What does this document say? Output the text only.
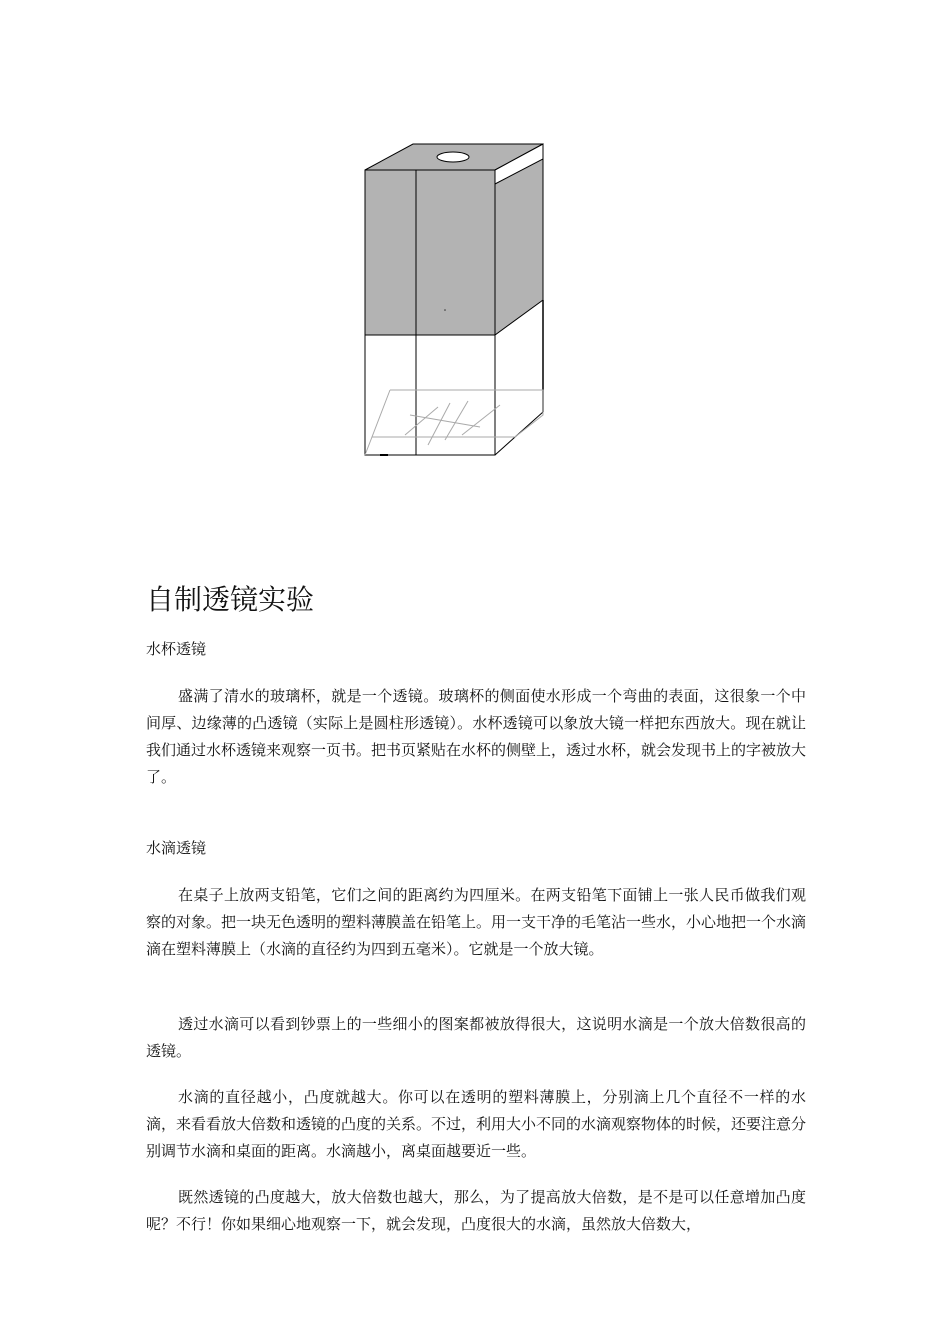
自制透镜实验
水杯透镜

盛满了清水的玻璃杯，就是一个透镜。玻璃杯的侧面使水形成一个弯曲的表面，这很象一个中间厚、边缘薄的凸透镜（实际上是圆柱形透镜）。水杯透镜可以象放大镜一样把东西放大。现在就让我们通过水杯透镜来观察一页书。把书页紧贴在水杯的侧壁上，透过水杯，就会发现书上的字被放大了。

水滴透镜

在桌子上放两支铅笔，它们之间的距离约为四厘米。在两支铅笔下面铺上一张人民币做我们观察的对象。把一块无色透明的塑料薄膜盖在铅笔上。用一支干净的毛笔沾一些水，小心地把一个水滴滴在塑料薄膜上（水滴的直径约为四到五毫米）。它就是一个放大镜。

透过水滴可以看到钞票上的一些细小的图案都被放得很大，这说明水滴是一个放大倍数很高的透镜。

水滴的直径越小，凸度就越大。你可以在透明的塑料薄膜上，分别滴上几个直径不一样的水滴，来看看放大倍数和透镜的凸度的关系。不过，利用大小不同的水滴观察物体的时候，还要注意分别调节水滴和桌面的距离。水滴越小，离桌面越要近一些。

既然透镜的凸度越大，放大倍数也越大，那么，为了提高放大倍数，是不是可以任意增加凸度呢？不行！你如果细心地观察一下，就会发现，凸度很大的水滴，虽然放大倍数大，
